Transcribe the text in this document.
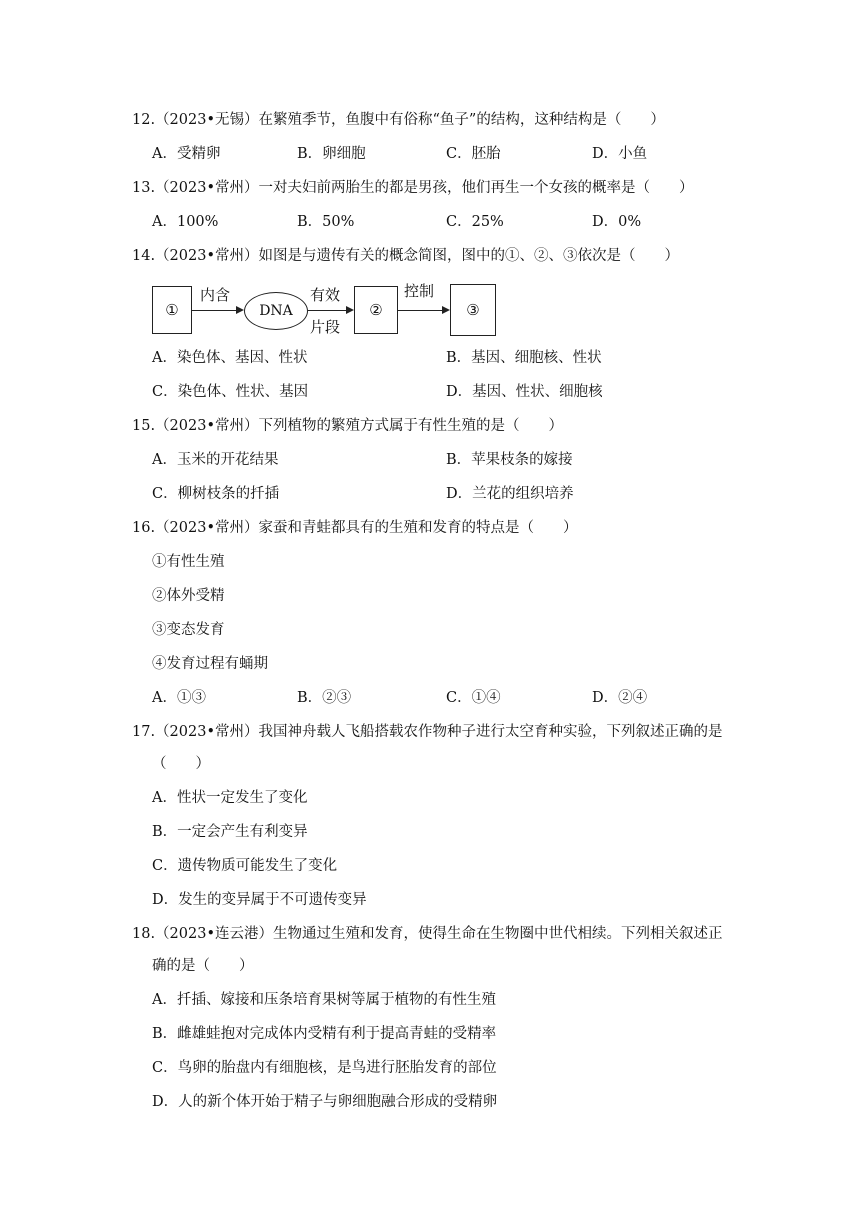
12.（2023•无锡）在繁殖季节，鱼腹中有俗称“鱼子”的结构，这种结构是（　　）
A．受精卵	B．卵细胞	C．胚胎	D．小鱼
13.（2023•常州）一对夫妇前两胎生的都是男孩，他们再生一个女孩的概率是（　　）
A．100%	B．50%	C．25%	D．0%
14.（2023•常州）如图是与遗传有关的概念简图，图中的①、②、③依次是（　　）
①
内含
DNA
有效
片段
②
控制
③
A．染色体、基因、性状	B．基因、细胞核、性状
C．染色体、性状、基因	D．基因、性状、细胞核
15.（2023•常州）下列植物的繁殖方式属于有性生殖的是（　　）
A．玉米的开花结果	B．苹果枝条的嫁接
C．柳树枝条的扦插	D．兰花的组织培养
16.（2023•常州）家蚕和青蛙都具有的生殖和发育的特点是（　　）
①有性生殖
②体外受精
③变态发育
④发育过程有蛹期
A．①③	B．②③	C．①④	D．②④
17.（2023•常州）我国神舟载人飞船搭载农作物种子进行太空育种实验，下列叙述正确的是
（　　）
A．性状一定发生了变化
B．一定会产生有利变异
C．遗传物质可能发生了变化
D．发生的变异属于不可遗传变异
18.（2023•连云港）生物通过生殖和发育，使得生命在生物圈中世代相续。下列相关叙述正
确的是（　　）
A．扦插、嫁接和压条培育果树等属于植物的有性生殖
B．雌雄蛙抱对完成体内受精有利于提高青蛙的受精率
C．鸟卵的胎盘内有细胞核，是鸟进行胚胎发育的部位
D．人的新个体开始于精子与卵细胞融合形成的受精卵
